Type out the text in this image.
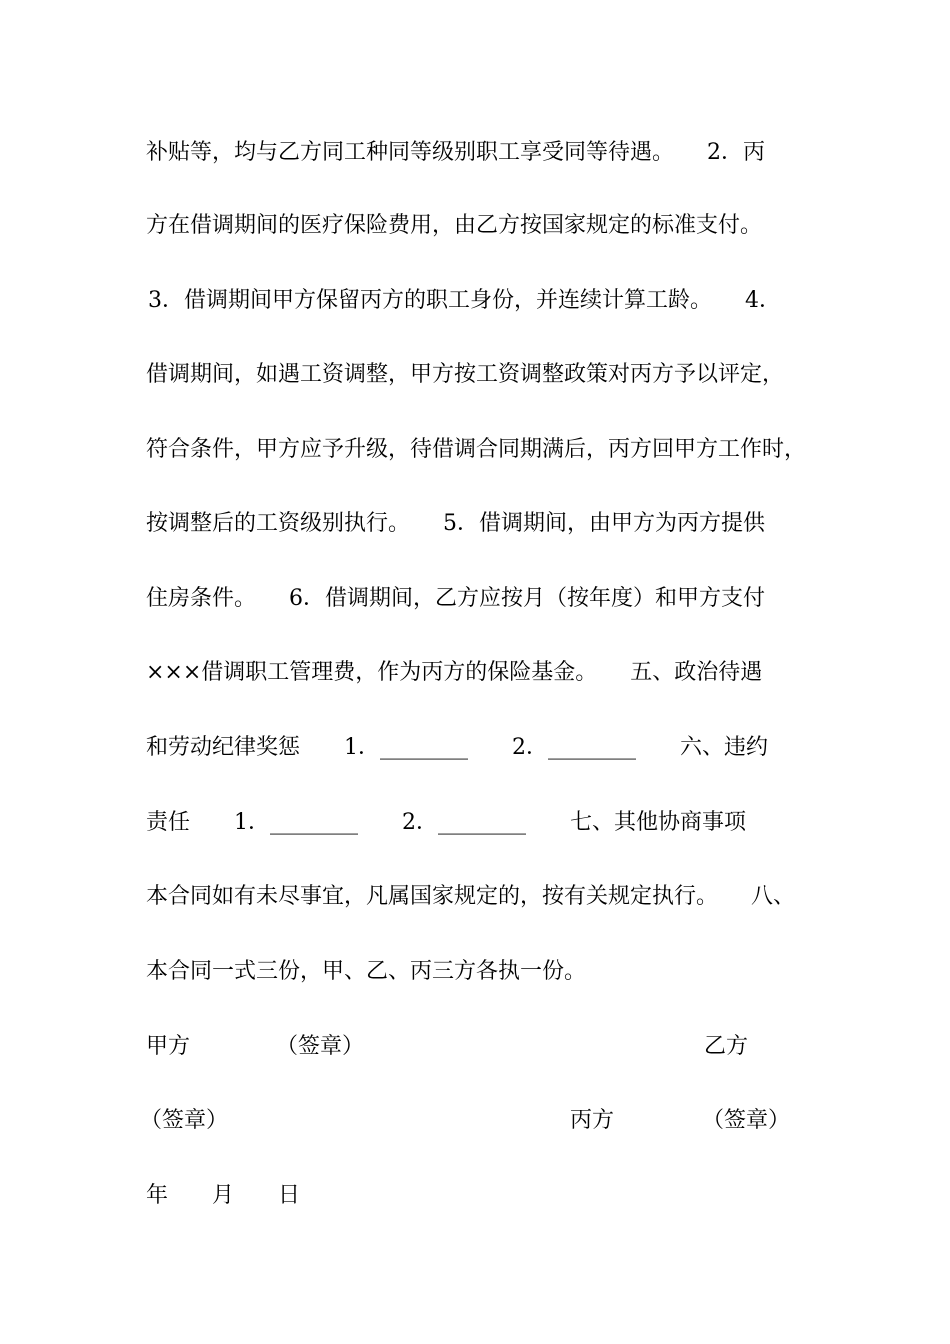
补贴等，均与乙方同工种同等级别职工享受同等待遇。　　2．丙
方在借调期间的医疗保险费用，由乙方按国家规定的标准支付。
3．借调期间甲方保留丙方的职工身份，并连续计算工龄。　　4．
借调期间，如遇工资调整，甲方按工资调整政策对丙方予以评定，
符合条件，甲方应予升级，待借调合同期满后，丙方回甲方工作时，
按调整后的工资级别执行。　　5．借调期间，由甲方为丙方提供
住房条件。　　6．借调期间，乙方应按月（按年度）和甲方支付
×××借调职工管理费，作为丙方的保险基金。　　五、政治待遇
和劳动纪律奖惩　　1．________　　2．________　　六、违约
责任　　1．________　　2．________　　七、其他协商事项
本合同如有未尽事宜，凡属国家规定的，按有关规定执行。　　八、
本合同一式三份，甲、乙、丙三方各执一份。
甲方	（签章）	乙方
（签章）	丙方	（签章）
年 月 日
